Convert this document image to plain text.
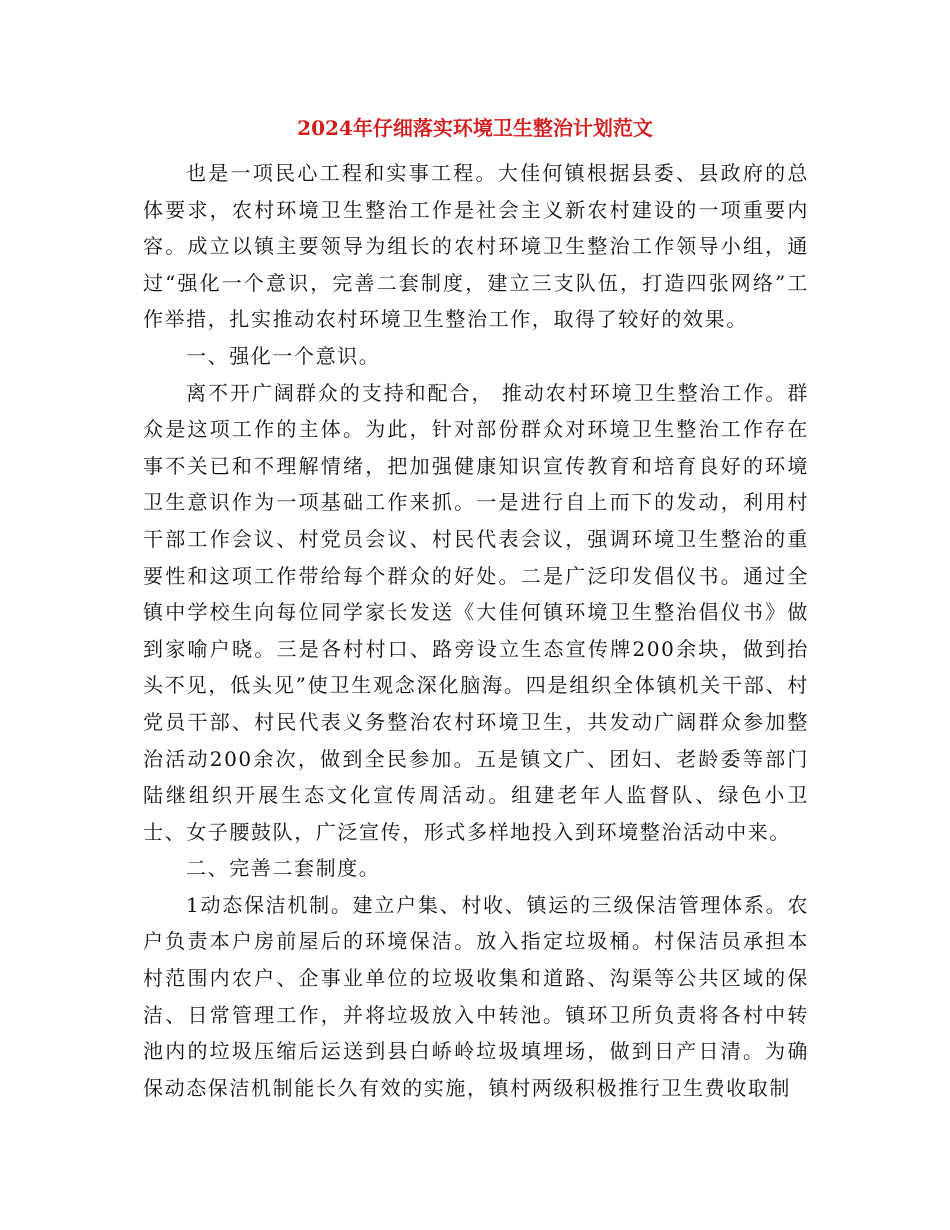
2024年仔细落实环境卫生整治计划范文

也是一项民心工程和实事工程。大佳何镇根据县委、县政府的总体要求，农村环境卫生整治工作是社会主义新农村建设的一项重要内容。成立以镇主要领导为组长的农村环境卫生整治工作领导小组，通过“强化一个意识，完善二套制度，建立三支队伍，打造四张网络”工作举措，扎实推动农村环境卫生整治工作，取得了较好的效果。

一、强化一个意识。

离不开广阔群众的支持和配合， 推动农村环境卫生整治工作。群众是这项工作的主体。为此，针对部份群众对环境卫生整治工作存在事不关已和不理解情绪，把加强健康知识宣传教育和培育良好的环境卫生意识作为一项基础工作来抓。一是进行自上而下的发动，利用村干部工作会议、村党员会议、村民代表会议，强调环境卫生整治的重要性和这项工作带给每个群众的好处。二是广泛印发倡仪书。通过全镇中学校生向每位同学家长发送《大佳何镇环境卫生整治倡仪书》做到家喻户晓。三是各村村口、路旁设立生态宣传牌200余块，做到抬头不见，低头见”使卫生观念深化脑海。四是组织全体镇机关干部、村党员干部、村民代表义务整治农村环境卫生，共发动广阔群众参加整治活动200余次，做到全民参加。五是镇文广、团妇、老龄委等部门陆继组织开展生态文化宣传周活动。组建老年人监督队、绿色小卫士、女子腰鼓队，广泛宣传，形式多样地投入到环境整治活动中来。

二、完善二套制度。

1动态保洁机制。建立户集、村收、镇运的三级保洁管理体系。农户负责本户房前屋后的环境保洁。放入指定垃圾桶。村保洁员承担本村范围内农户、企事业单位的垃圾收集和道路、沟渠等公共区域的保洁、日常管理工作，并将垃圾放入中转池。镇环卫所负责将各村中转池内的垃圾压缩后运送到县白峤岭垃圾填埋场，做到日产日清。为确保动态保洁机制能长久有效的实施，镇村两级积极推行卫生费收取制
